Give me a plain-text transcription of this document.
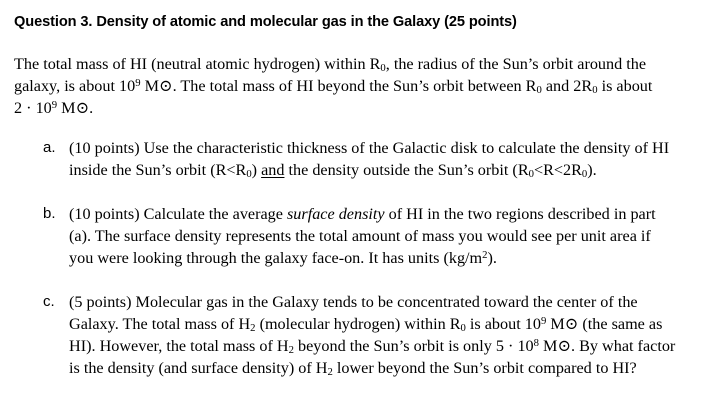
Question 3. Density of atomic and molecular gas in the Galaxy (25 points)
The total mass of HI (neutral atomic hydrogen) within $R_0$, the radius of the Sun’s orbit around the
galaxy, is about $10^9$ M⊙. The total mass of HI beyond the Sun’s orbit between $R_0$ and $2R_0$ is about
$2 \cdot 10^9$ M⊙.
a. (10 points) Use the characteristic thickness of the Galactic disk to calculate the density of HI
inside the Sun’s orbit $(R<R_0)$ and the density outside the Sun’s orbit $(R_0<R<2R_0)$.
b. (10 points) Calculate the average surface density of HI in the two regions described in part
(a). The surface density represents the total amount of mass you would see per unit area if
you were looking through the galaxy face-on. It has units $(kg/m^2)$.
c. (5 points) Molecular gas in the Galaxy tends to be concentrated toward the center of the
Galaxy. The total mass of $H_2$ (molecular hydrogen) within $R_0$ is about $10^9$ M⊙ (the same as
HI). However, the total mass of $H_2$ beyond the Sun’s orbit is only $5 \cdot 10^8$ M⊙. By what factor
is the density (and surface density) of $H_2$ lower beyond the Sun’s orbit compared to HI?
